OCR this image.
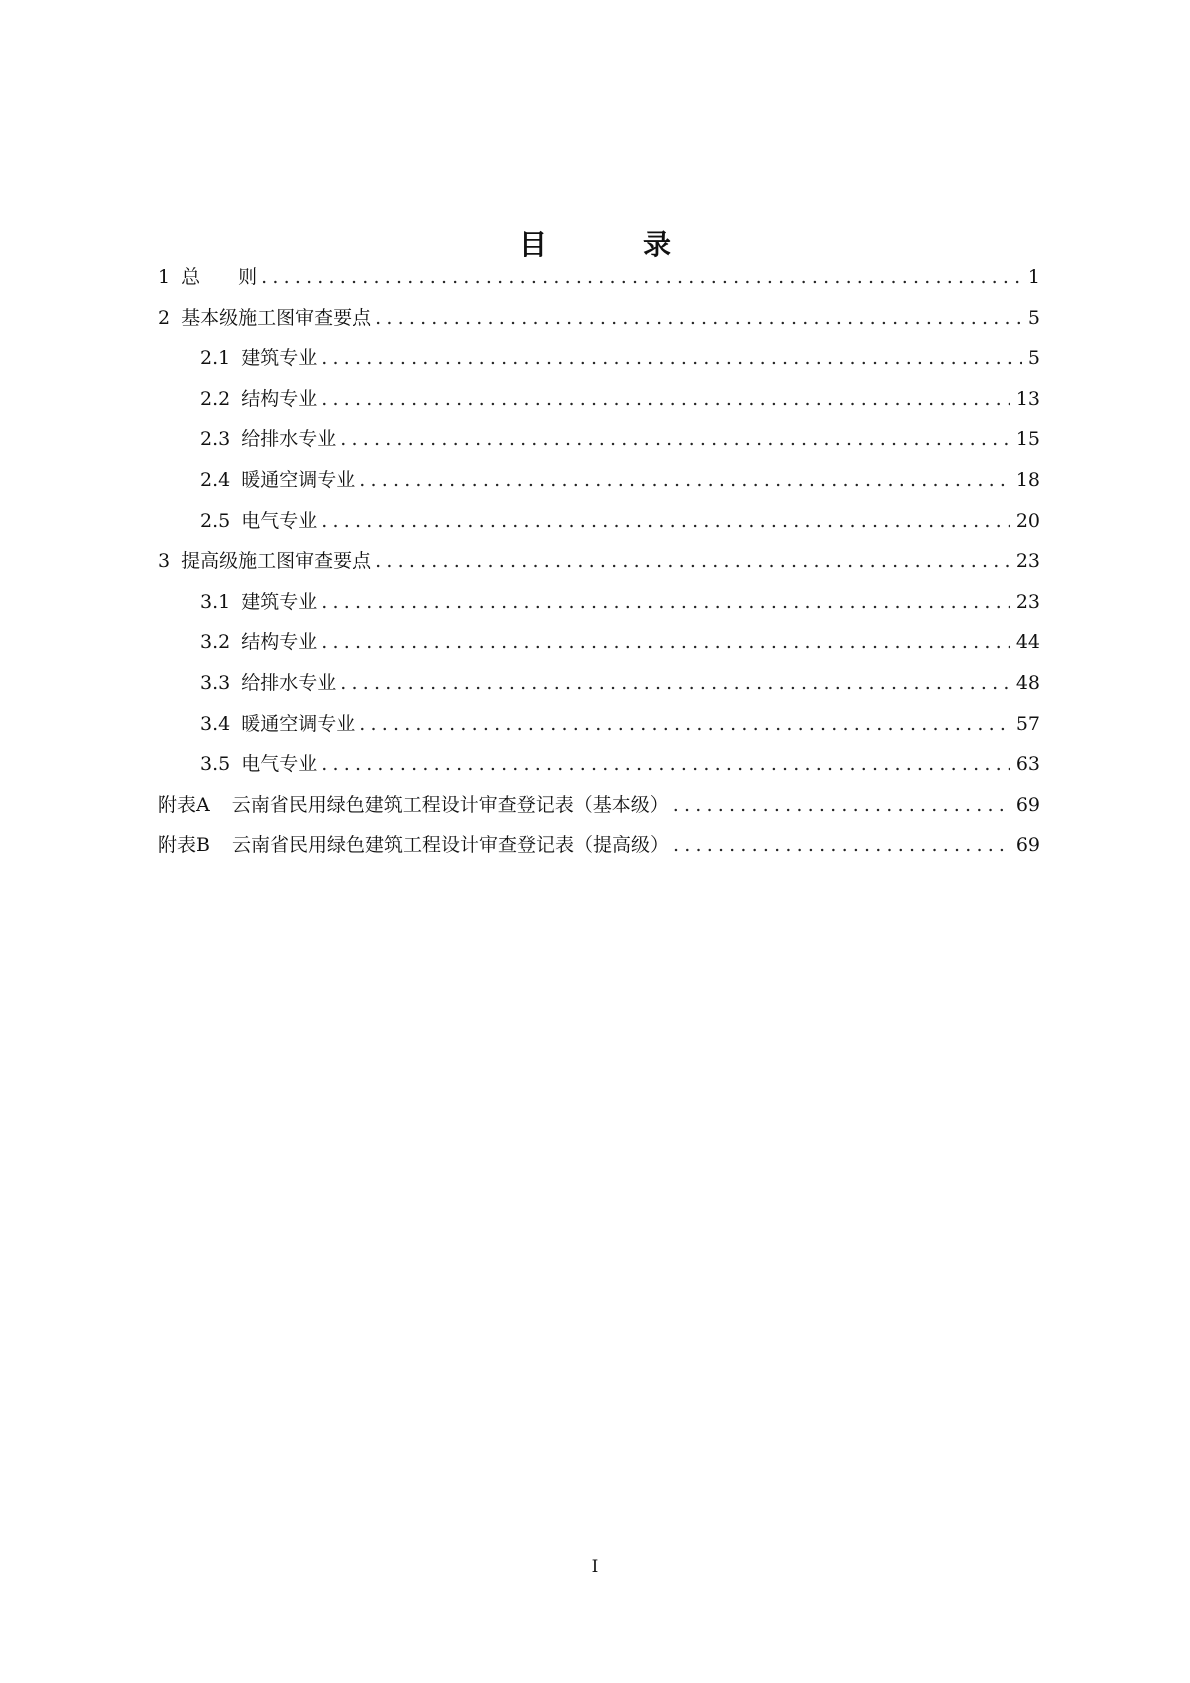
目　录
1 总　　则 .....	1
2 基本级施工图审查要点 .....	5
2.1 建筑专业 .....	5
2.2 结构专业 .....	13
2.3 给排水专业 .....	15
2.4 暖通空调专业 .....	18
2.5 电气专业 .....	20
3 提高级施工图审查要点 .....	23
3.1 建筑专业 .....	23
3.2 结构专业 .....	44
3.3 给排水专业 .....	48
3.4 暖通空调专业 .....	57
3.5 电气专业 .....	63
附表A 云南省民用绿色建筑工程设计审查登记表（基本级） .....	69
附表B 云南省民用绿色建筑工程设计审查登记表（提高级） .....	69
I
